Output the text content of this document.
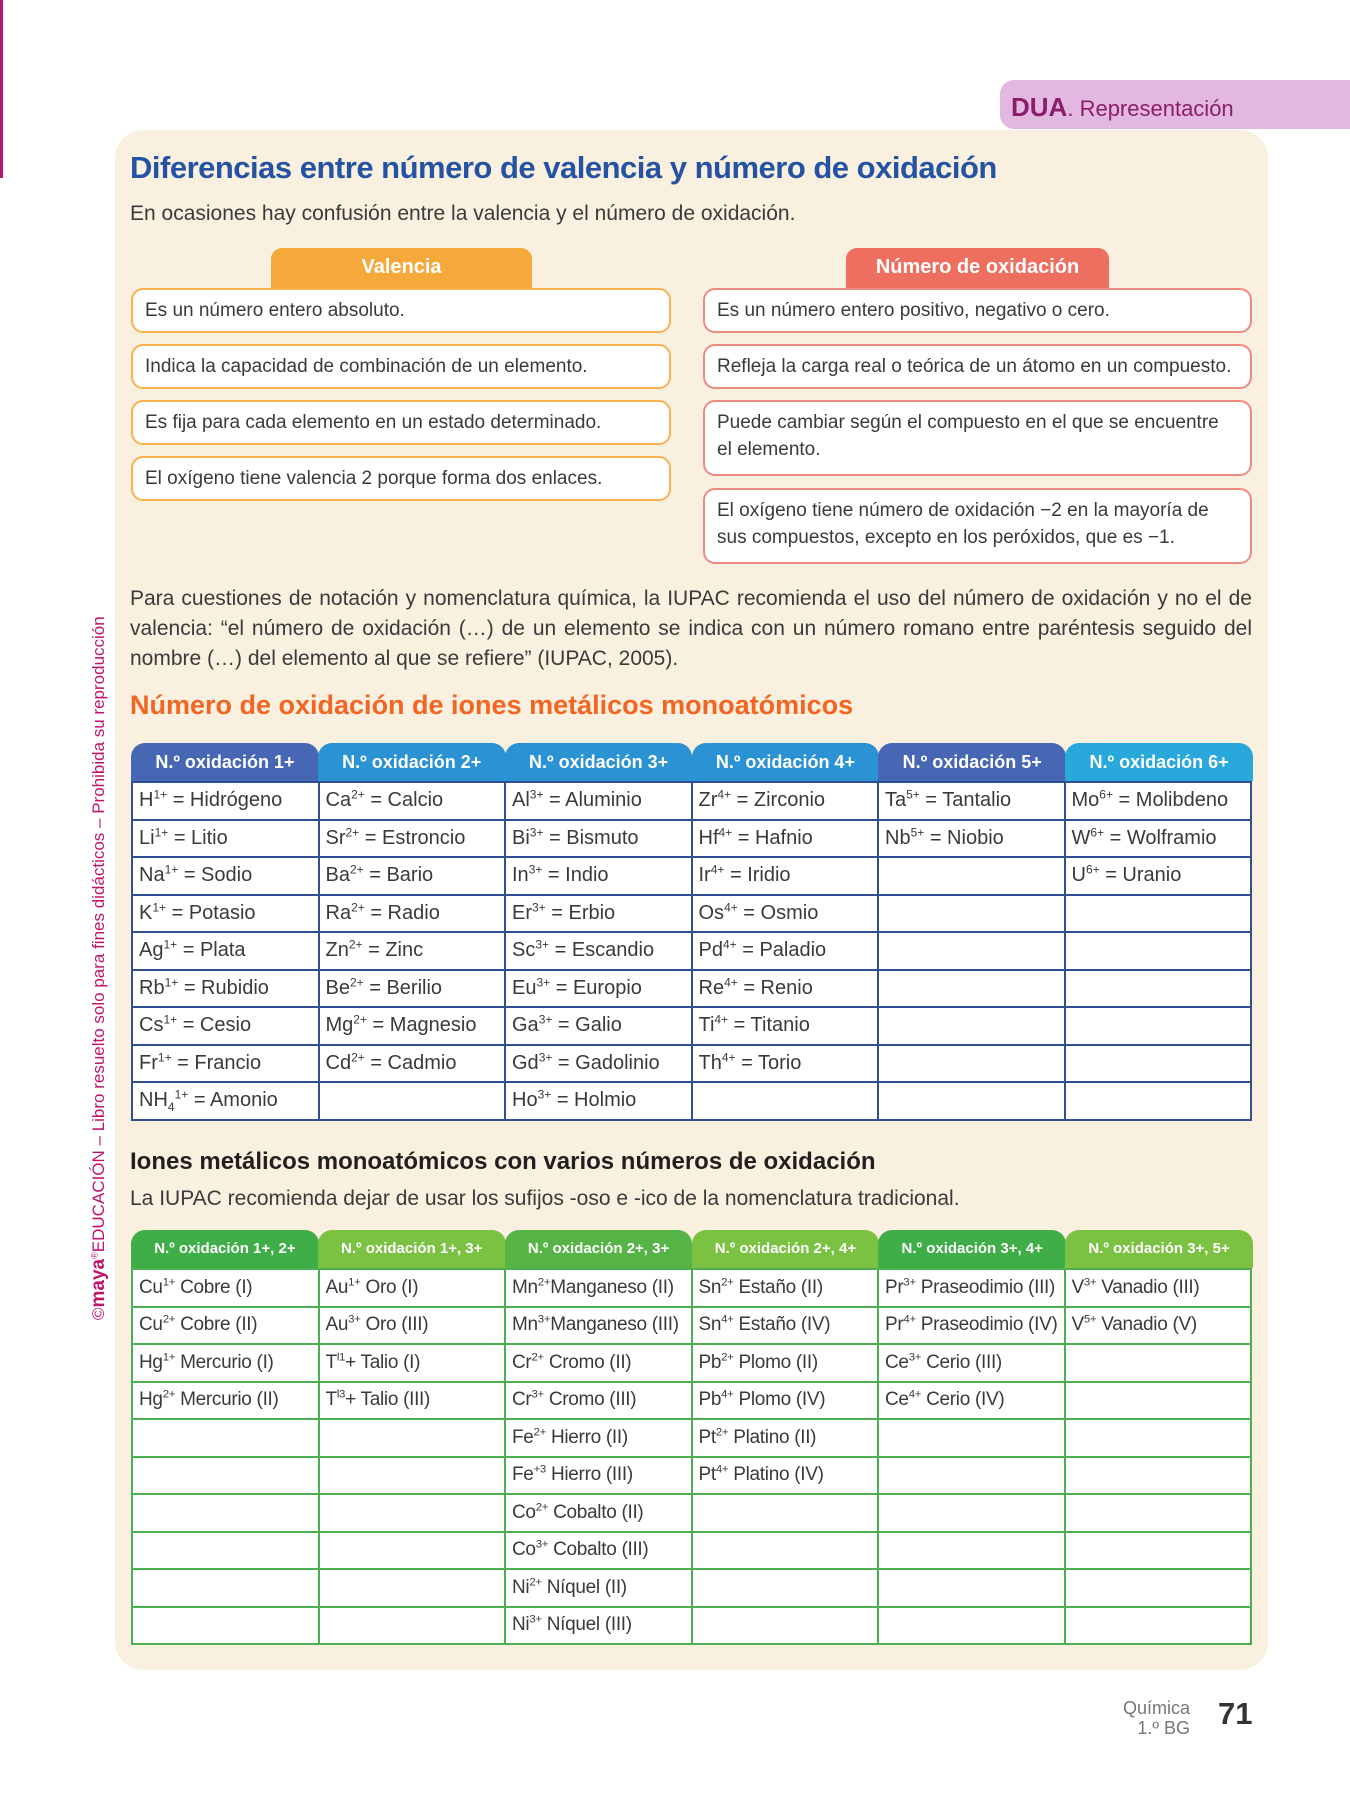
©maya®EDUCACIÓN – Libro resuelto solo para fines didácticos – Prohibida su reproducción
DUA. Representación
Diferencias entre número de valencia y número de oxidación
En ocasiones hay confusión entre la valencia y el número de oxidación.
Valencia	Número de oxidación
Es un número entero absoluto.
Indica la capacidad de combinación de un elemento.
Es fija para cada elemento en un estado determinado.
El oxígeno tiene valencia 2 porque forma dos enlaces.
Es un número entero positivo, negativo o cero.
Refleja la carga real o teórica de un átomo en un compuesto.
Puede cambiar según el compuesto en el que se encuentre el elemento.
El oxígeno tiene número de oxidación −2 en la mayoría de sus compuestos, excepto en los peróxidos, que es −1.
Para cuestiones de notación y nomenclatura química, la IUPAC recomienda el uso del número de oxidación y no el de valencia: “el número de oxidación (…) de un elemento se indica con un número romano entre paréntesis seguido del nombre (…) del elemento al que se refiere” (IUPAC, 2005).
Número de oxidación de iones metálicos monoatómicos
N.º oxidación 1+	N.º oxidación 2+	N.º oxidación 3+	N.º oxidación 4+	N.º oxidación 5+	N.º oxidación 6+
$H^{1+}$ = Hidrógeno	$Ca^{2+}$ = Calcio	$Al^{3+}$ = Aluminio	$Zr^{4+}$ = Zirconio	$Ta^{5+}$ = Tantalio	$Mo^{6+}$ = Molibdeno
$Li^{1+}$ = Litio	$Sr^{2+}$ = Estroncio	$Bi^{3+}$ = Bismuto	$Hf^{4+}$ = Hafnio	$Nb^{5+}$ = Niobio	$W^{6+}$ = Wolframio
$Na^{1+}$ = Sodio	$Ba^{2+}$ = Bario	$In^{3+}$ = Indio	$Ir^{4+}$ = Iridio		$U^{6+}$ = Uranio
$K^{1+}$ = Potasio	$Ra^{2+}$ = Radio	$Er^{3+}$ = Erbio	$Os^{4+}$ = Osmio		
$Ag^{1+}$ = Plata	$Zn^{2+}$ = Zinc	$Sc^{3+}$ = Escandio	$Pd^{4+}$ = Paladio		
$Rb^{1+}$ = Rubidio	$Be^{2+}$ = Berilio	$Eu^{3+}$ = Europio	$Re^{4+}$ = Renio		
$Cs^{1+}$ = Cesio	$Mg^{2+}$ = Magnesio	$Ga^{3+}$ = Galio	$Ti^{4+}$ = Titanio		
$Fr^{1+}$ = Francio	$Cd^{2+}$ = Cadmio	$Gd^{3+}$ = Gadolinio	$Th^{4+}$ = Torio		
$NH_4^{1+}$ = Amonio		$Ho^{3+}$ = Holmio			
Iones metálicos monoatómicos con varios números de oxidación
La IUPAC recomienda dejar de usar los sufijos -oso e -ico de la nomenclatura tradicional.
N.º oxidación 1+, 2+	N.º oxidación 1+, 3+	N.º oxidación 2+, 3+	N.º oxidación 2+, 4+	N.º oxidación 3+, 4+	N.º oxidación 3+, 5+
$Cu^{1+}$ Cobre (I)	$Au^{1+}$ Oro (I)	$Mn^{2+}Manganeso$ (II)	$Sn^{2+}$ Estaño (II)	$Pr^{3+}$ Praseodimio (III)	$V^{3+}$ Vanadio (III)
$Cu^{2+}$ Cobre (II)	$Au^{3+}$ Oro (III)	$Mn^{3+}Manganeso$ (III)	$Sn^{4+}$ Estaño (IV)	$Pr^{4+}$ Praseodimio (IV)	$V^{5+}$ Vanadio (V)
$Hg^{1+}$ Mercurio (I)	$T^{l1}+$ Talio (I)	$Cr^{2+}$ Cromo (II)	$Pb^{2+}$ Plomo (II)	$Ce^{3+}$ Cerio (III)	
$Hg^{2+}$ Mercurio (II)	$T^{l3}+$ Talio (III)	$Cr^{3+}$ Cromo (III)	$Pb^{4+}$ Plomo (IV)	$Ce^{4+}$ Cerio (IV)	
		$Fe^{2+}$ Hierro (II)	$Pt^{2+}$ Platino (II)		
		$Fe^{+3}$ Hierro (III)	$Pt^{4+}$ Platino (IV)		
		$Co^{2+}$ Cobalto (II)			
		$Co^{3+}$ Cobalto (III)			
		$Ni^{2+}$ Níquel (II)			
		$Ni^{3+}$ Níquel (III)			
Química
1.º BG 71
